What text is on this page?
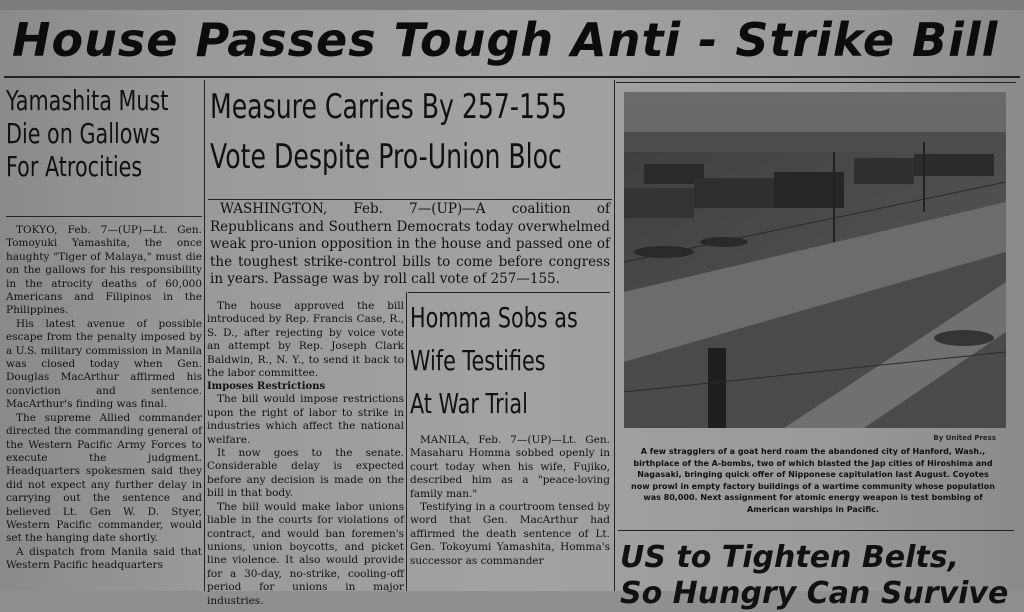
House Passes Tough Anti - Strike Bill
Yamashita Must
Die on Gallows
For Atrocities

TOKYO, Feb. 7—(UP)—Lt. Gen. Tomoyuki Yamashita, the once haughty "Tiger of Malaya," must die on the gallows for his responsibility in the atrocity deaths of 60,000 Americans and Filipinos in the Philippines.

His latest avenue of possible escape from the penalty imposed by a U.S. military commission in Manila was closed today when Gen. Douglas MacArthur affirmed his conviction and sentence. MacArthur's finding was final.

The supreme Allied commander directed the commanding general of the Western Pacific Army Forces to execute the judgment. Headquarters spokesmen said they did not expect any further delay in carrying out the sentence and believed Lt. Gen W. D. Styer, Western Pacific commander, would set the hanging date shortly.

A dispatch from Manila said that Western Pacific headquarters

Measure Carries By 257-155
Vote Despite Pro-Union Bloc

WASHINGTON, Feb. 7—(UP)—A coalition of Republicans and Southern Democrats today overwhelmed weak pro-union opposition in the house and passed one of the toughest strike-control bills to come before congress in years. Passage was by roll call vote of 257—155.

The house approved the bill introduced by Rep. Francis Case, R., S. D., after rejecting by voice vote an attempt by Rep. Joseph Clark Baldwin, R., N. Y., to send it back to the labor committee.

Imposes Restrictions

The bill would impose restrictions upon the right of labor to strike in industries which affect the national welfare.

It now goes to the senate. Considerable delay is expected before any decision is made on the bill in that body.

The bill would make labor unions liable in the courts for violations of contract, and would ban foremen's unions, union boycotts, and picket line violence. It also would provide for a 30-day, no-strike, cooling-off period for unions in major industries.

Homma Sobs as
Wife Testifies
At War Trial

MANILA, Feb. 7—(UP)—Lt. Gen. Masaharu Homma sobbed openly in court today when his wife, Fujiko, described him as a "peace-loving family man."

Testifying in a courtroom tensed by word that Gen. MacArthur had affirmed the death sentence of Lt. Gen. Tokoyumi Yamashita, Homma's successor as commander

By United Press
A few stragglers of a goat herd roam the abandoned city of Hanford, Wash., birthplace of the A-bombs, two of which blasted the Jap cities of Hiroshima and Nagasaki, bringing quick offer of Nipponese capitulation last August. Coyotes now prowl in empty factory buildings of a wartime community whose population was 80,000. Next assignment for atomic energy weapon is test bombing of American warships in Pacific.
US to Tighten Belts,
So Hungry Can Survive
